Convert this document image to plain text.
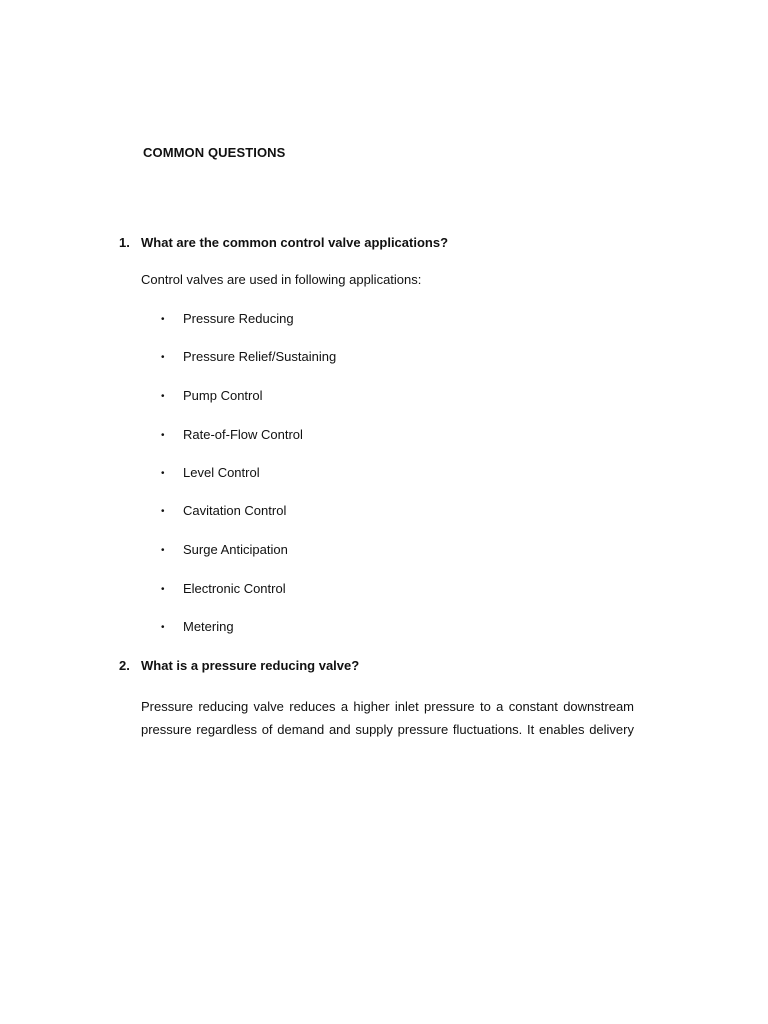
COMMON QUESTIONS
1. What are the common control valve applications?
Control valves are used in following applications:
• Pressure Reducing
• Pressure Relief/Sustaining
• Pump Control
• Rate-of-Flow Control
• Level Control
• Cavitation Control
• Surge Anticipation
• Electronic Control
• Metering
2. What is a pressure reducing valve?
Pressure reducing valve reduces a higher inlet pressure to a constant downstream
pressure regardless of demand and supply pressure fluctuations. It enables delivery
